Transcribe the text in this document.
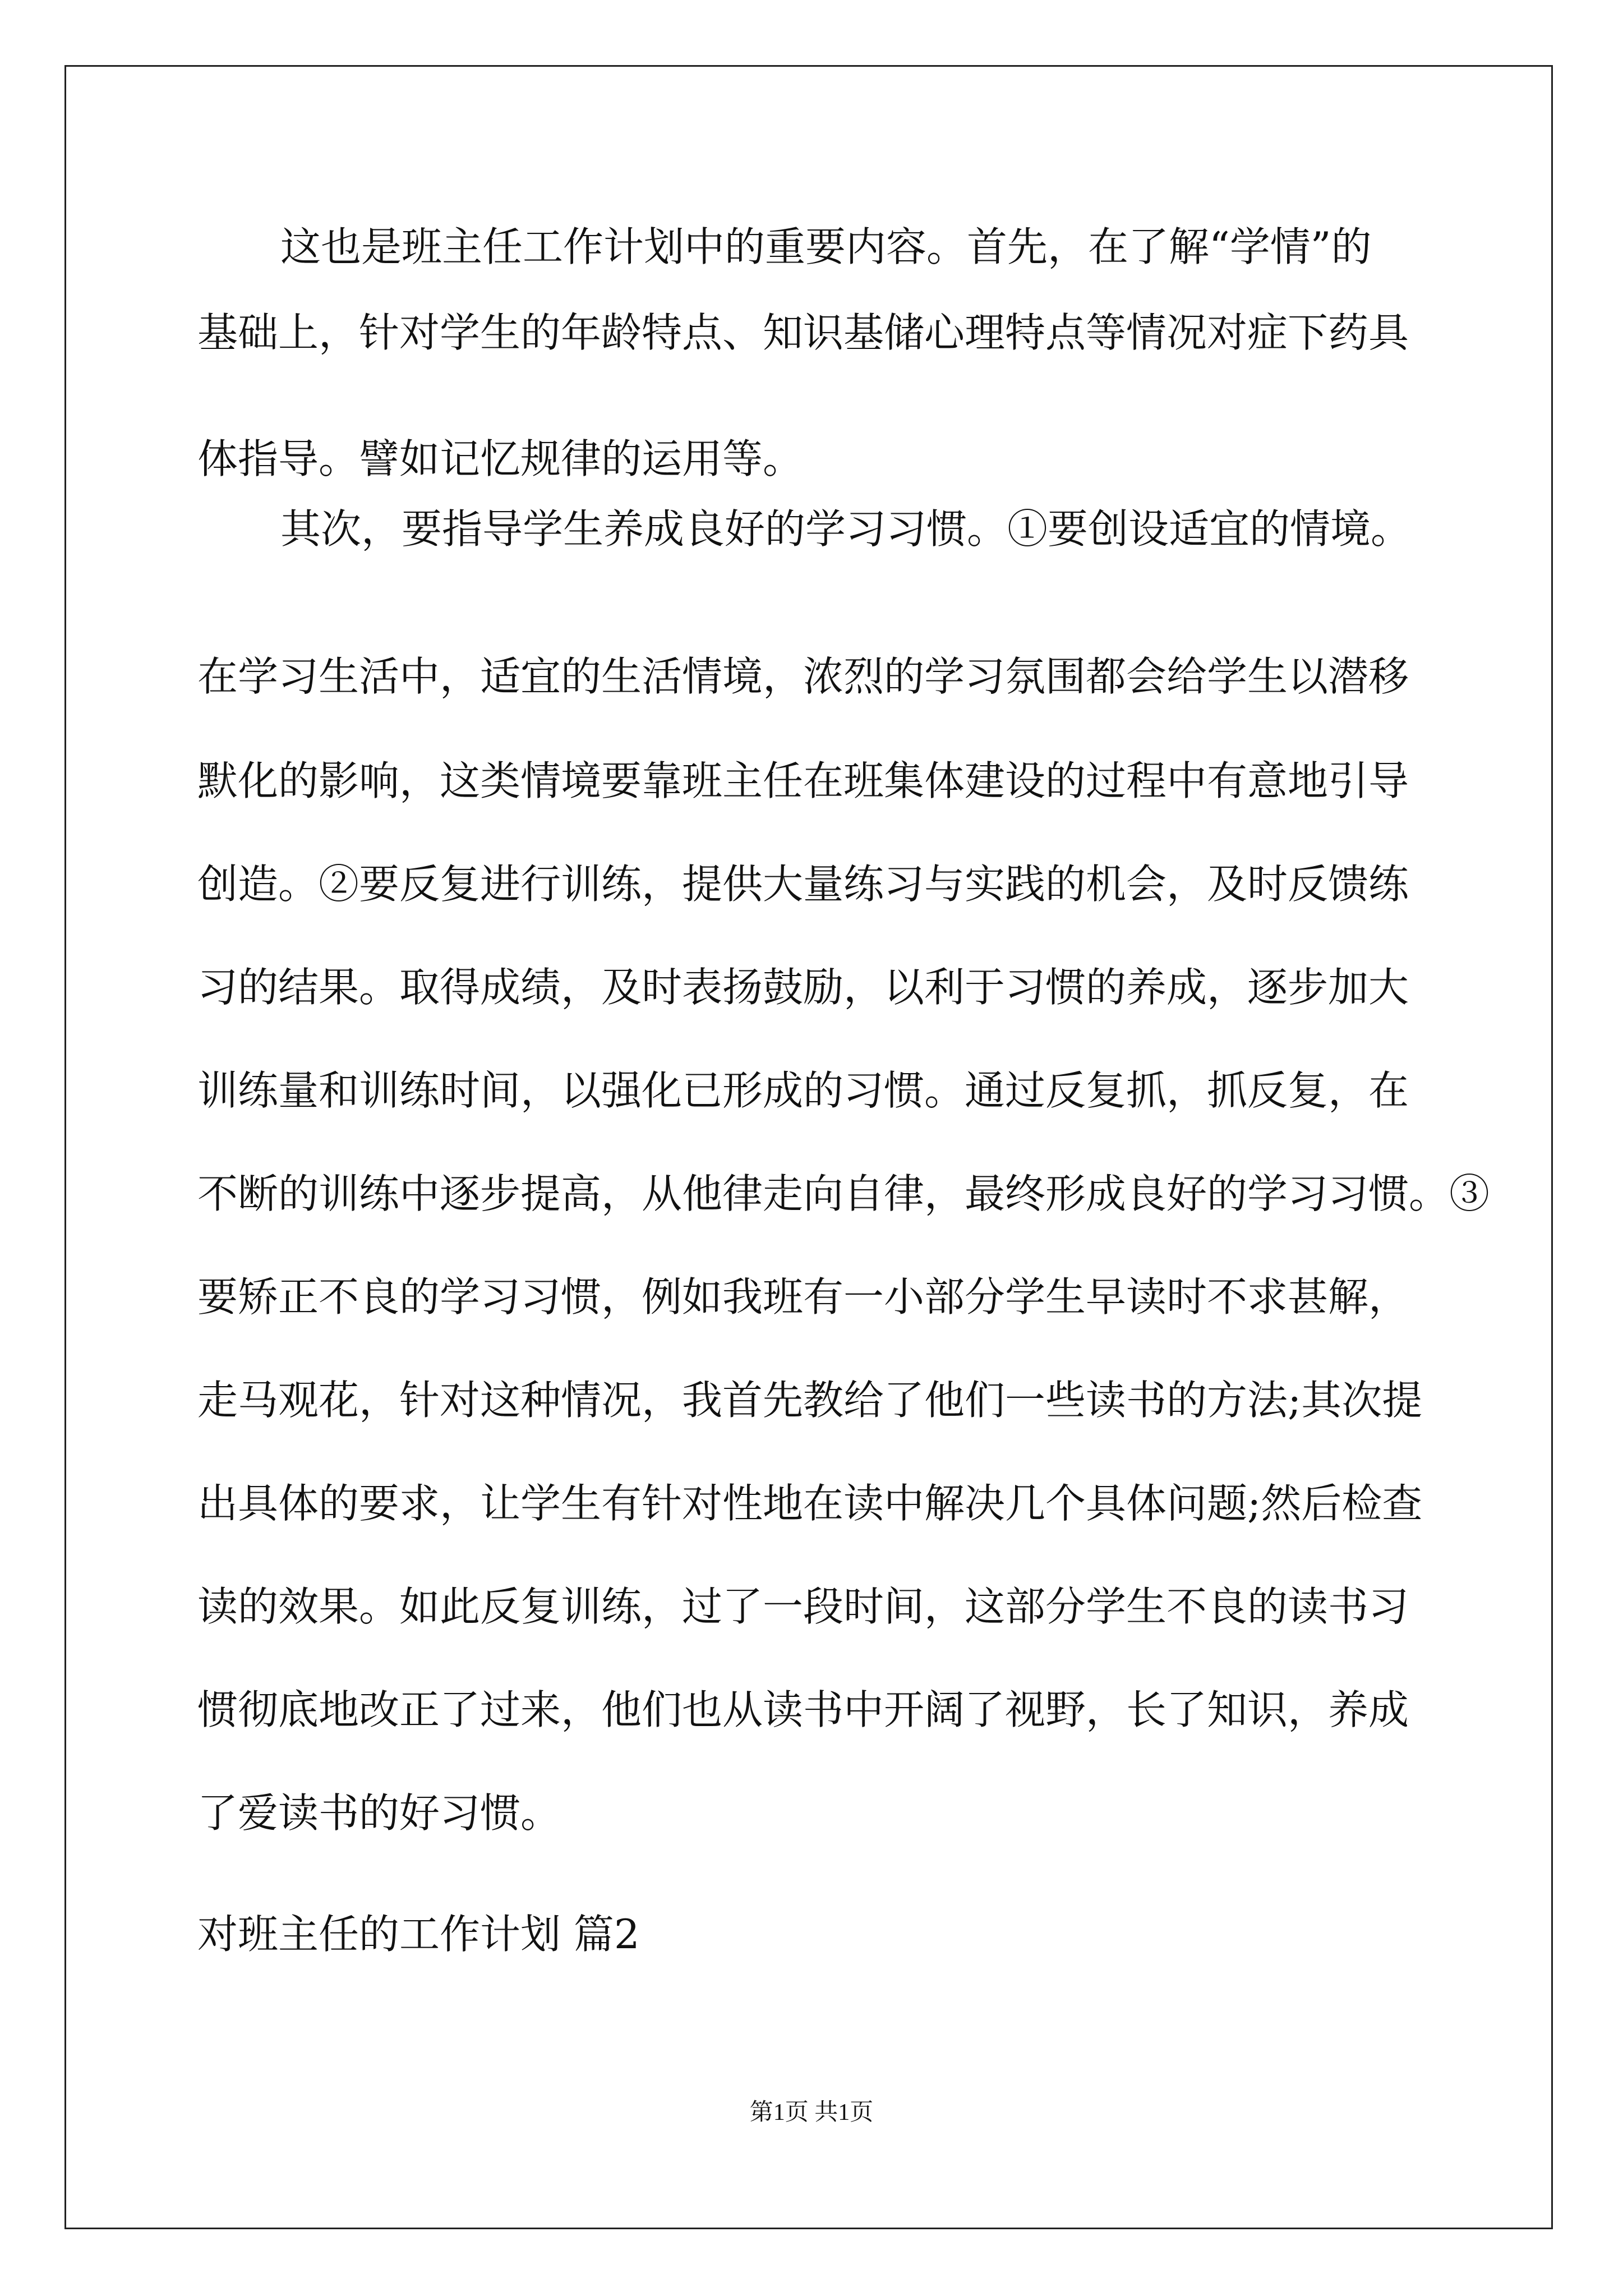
这也是班主任工作计划中的重要内容。首先，在了解“学情”的
基础上，针对学生的年龄特点、知识基储心理特点等情况对症下药具
体指导。譬如记忆规律的运用等。
其次，要指导学生养成良好的学习习惯。①要创设适宜的情境。
在学习生活中，适宜的生活情境，浓烈的学习氛围都会给学生以潜移
默化的影响，这类情境要靠班主任在班集体建设的过程中有意地引导
创造。②要反复进行训练，提供大量练习与实践的机会，及时反馈练
习的结果。取得成绩，及时表扬鼓励，以利于习惯的养成，逐步加大
训练量和训练时间，以强化已形成的习惯。通过反复抓，抓反复，在
不断的训练中逐步提高，从他律走向自律，最终形成良好的学习习惯。③
要矫正不良的学习习惯，例如我班有一小部分学生早读时不求甚解，
走马观花，针对这种情况，我首先教给了他们一些读书的方法;其次提
出具体的要求，让学生有针对性地在读中解决几个具体问题;然后检查
读的效果。如此反复训练，过了一段时间，这部分学生不良的读书习
惯彻底地改正了过来，他们也从读书中开阔了视野，长了知识，养成
了爱读书的好习惯。
对班主任的工作计划 篇2
第1页 共1页
